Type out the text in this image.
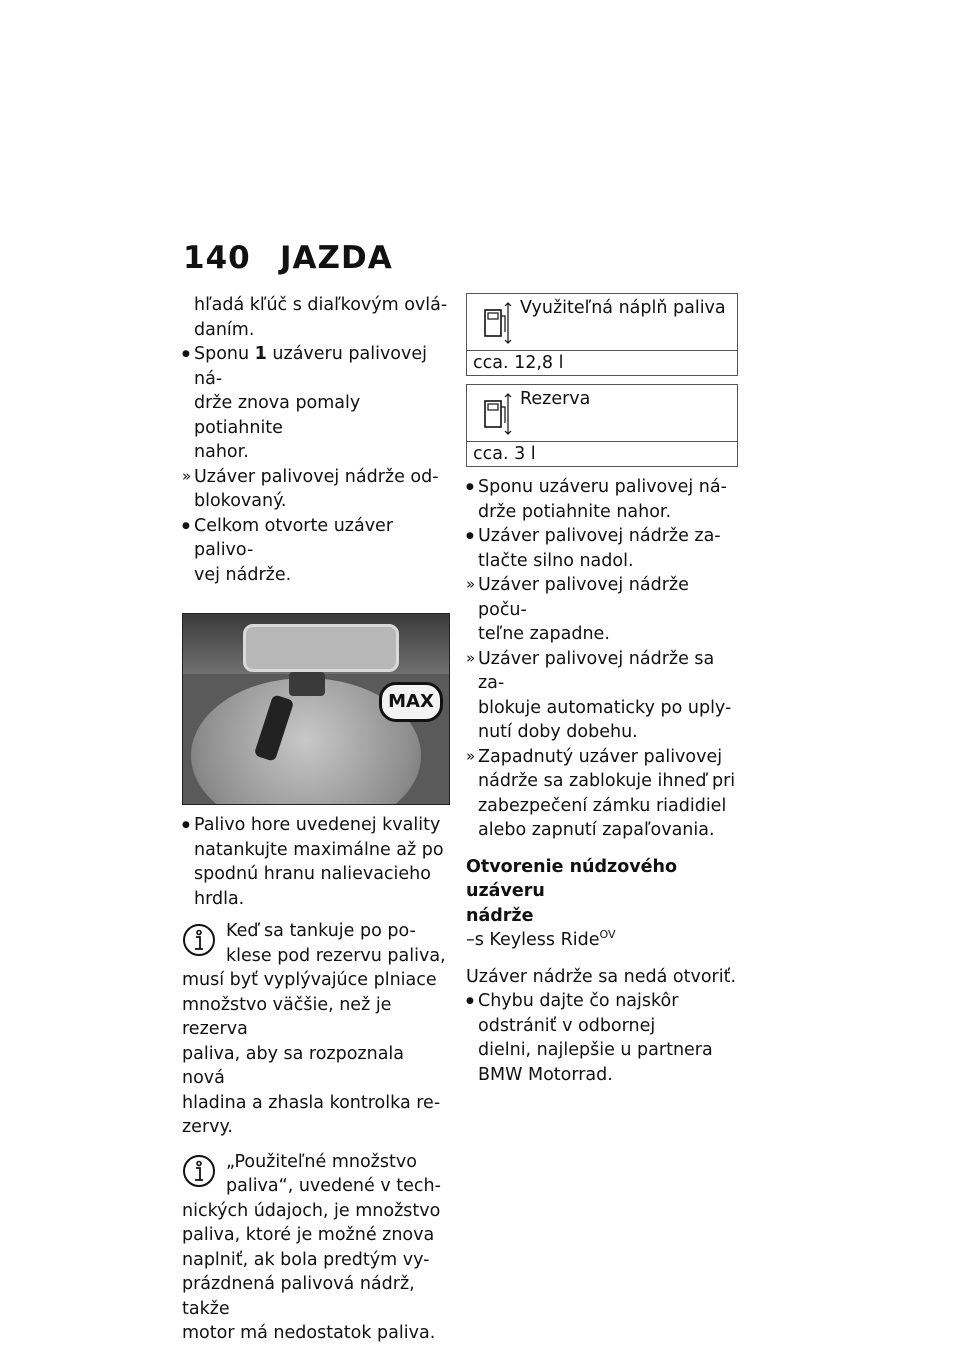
140 JAZDA
hľadá kľúč s diaľkovým ovlá-
daním.
● Sponu 1 uzáveru palivovej ná-
drže znova pomaly potiahnite
nahor.
» Uzáver palivovej nádrže od-
blokovaný.
● Celkom otvorte uzáver palivo-
vej nádrže.
MAX
● Palivo hore uvedenej kvality
natankujte maximálne až po
spodnú hranu nalievacieho
hrdla.
Keď sa tankuje po po-
klese pod rezervu paliva,
musí byť vyplývajúce plniace
množstvo väčšie, než je rezerva
paliva, aby sa rozpoznala nová
hladina a zhasla kontrolka re-
zervy.
„Použiteľné množstvo
paliva“, uvedené v tech-
nických údajoch, je množstvo
paliva, ktoré je možné znova
naplniť, ak bola predtým vy-
prázdnená palivová nádrž, takže
motor má nedostatok paliva.
Využiteľná náplň paliva
cca. 12,8 l
Rezerva
cca. 3 l
● Sponu uzáveru palivovej ná-
drže potiahnite nahor.
● Uzáver palivovej nádrže za-
tlačte silno nadol.
» Uzáver palivovej nádrže poču-
teľne zapadne.
» Uzáver palivovej nádrže sa za-
blokuje automaticky po uply-
nutí doby dobehu.
» Zapadnutý uzáver palivovej
nádrže sa zablokuje ihneď pri
zabezpečení zámku riadidiel
alebo zapnutí zapaľovania.
Otvorenie núdzového uzáveru
nádrže
–s Keyless Ride$^{OV}$
Uzáver nádrže sa nedá otvoriť.
● Chybu dajte čo najskôr
odstrániť v odbornej
dielni, najlepšie u partnera
BMW Motorrad.
